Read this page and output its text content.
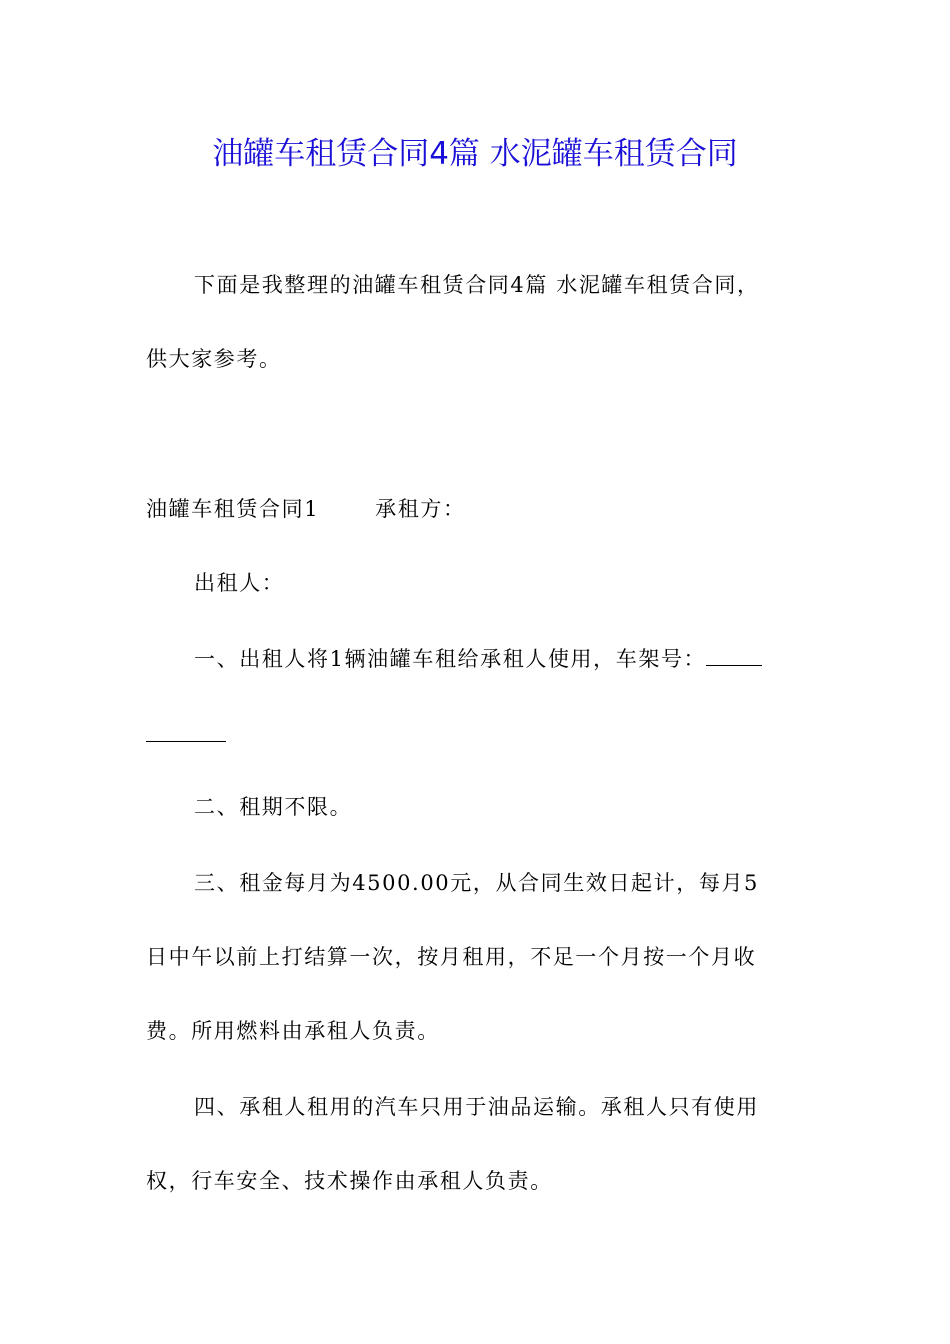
油罐车租赁合同4篇 水泥罐车租赁合同
下面是我整理的油罐车租赁合同4篇 水泥罐车租赁合同，
供大家参考。
油罐车租赁合同1	承租方：
出租人：
一、出租人将1辆油罐车租给承租人使用，车架号：
二、租期不限。
三、租金每月为4500.00元，从合同生效日起计，每月5
日中午以前上打结算一次，按月租用，不足一个月按一个月收
费。所用燃料由承租人负责。
四、承租人租用的汽车只用于油品运输。承租人只有使用
权，行车安全、技术操作由承租人负责。
